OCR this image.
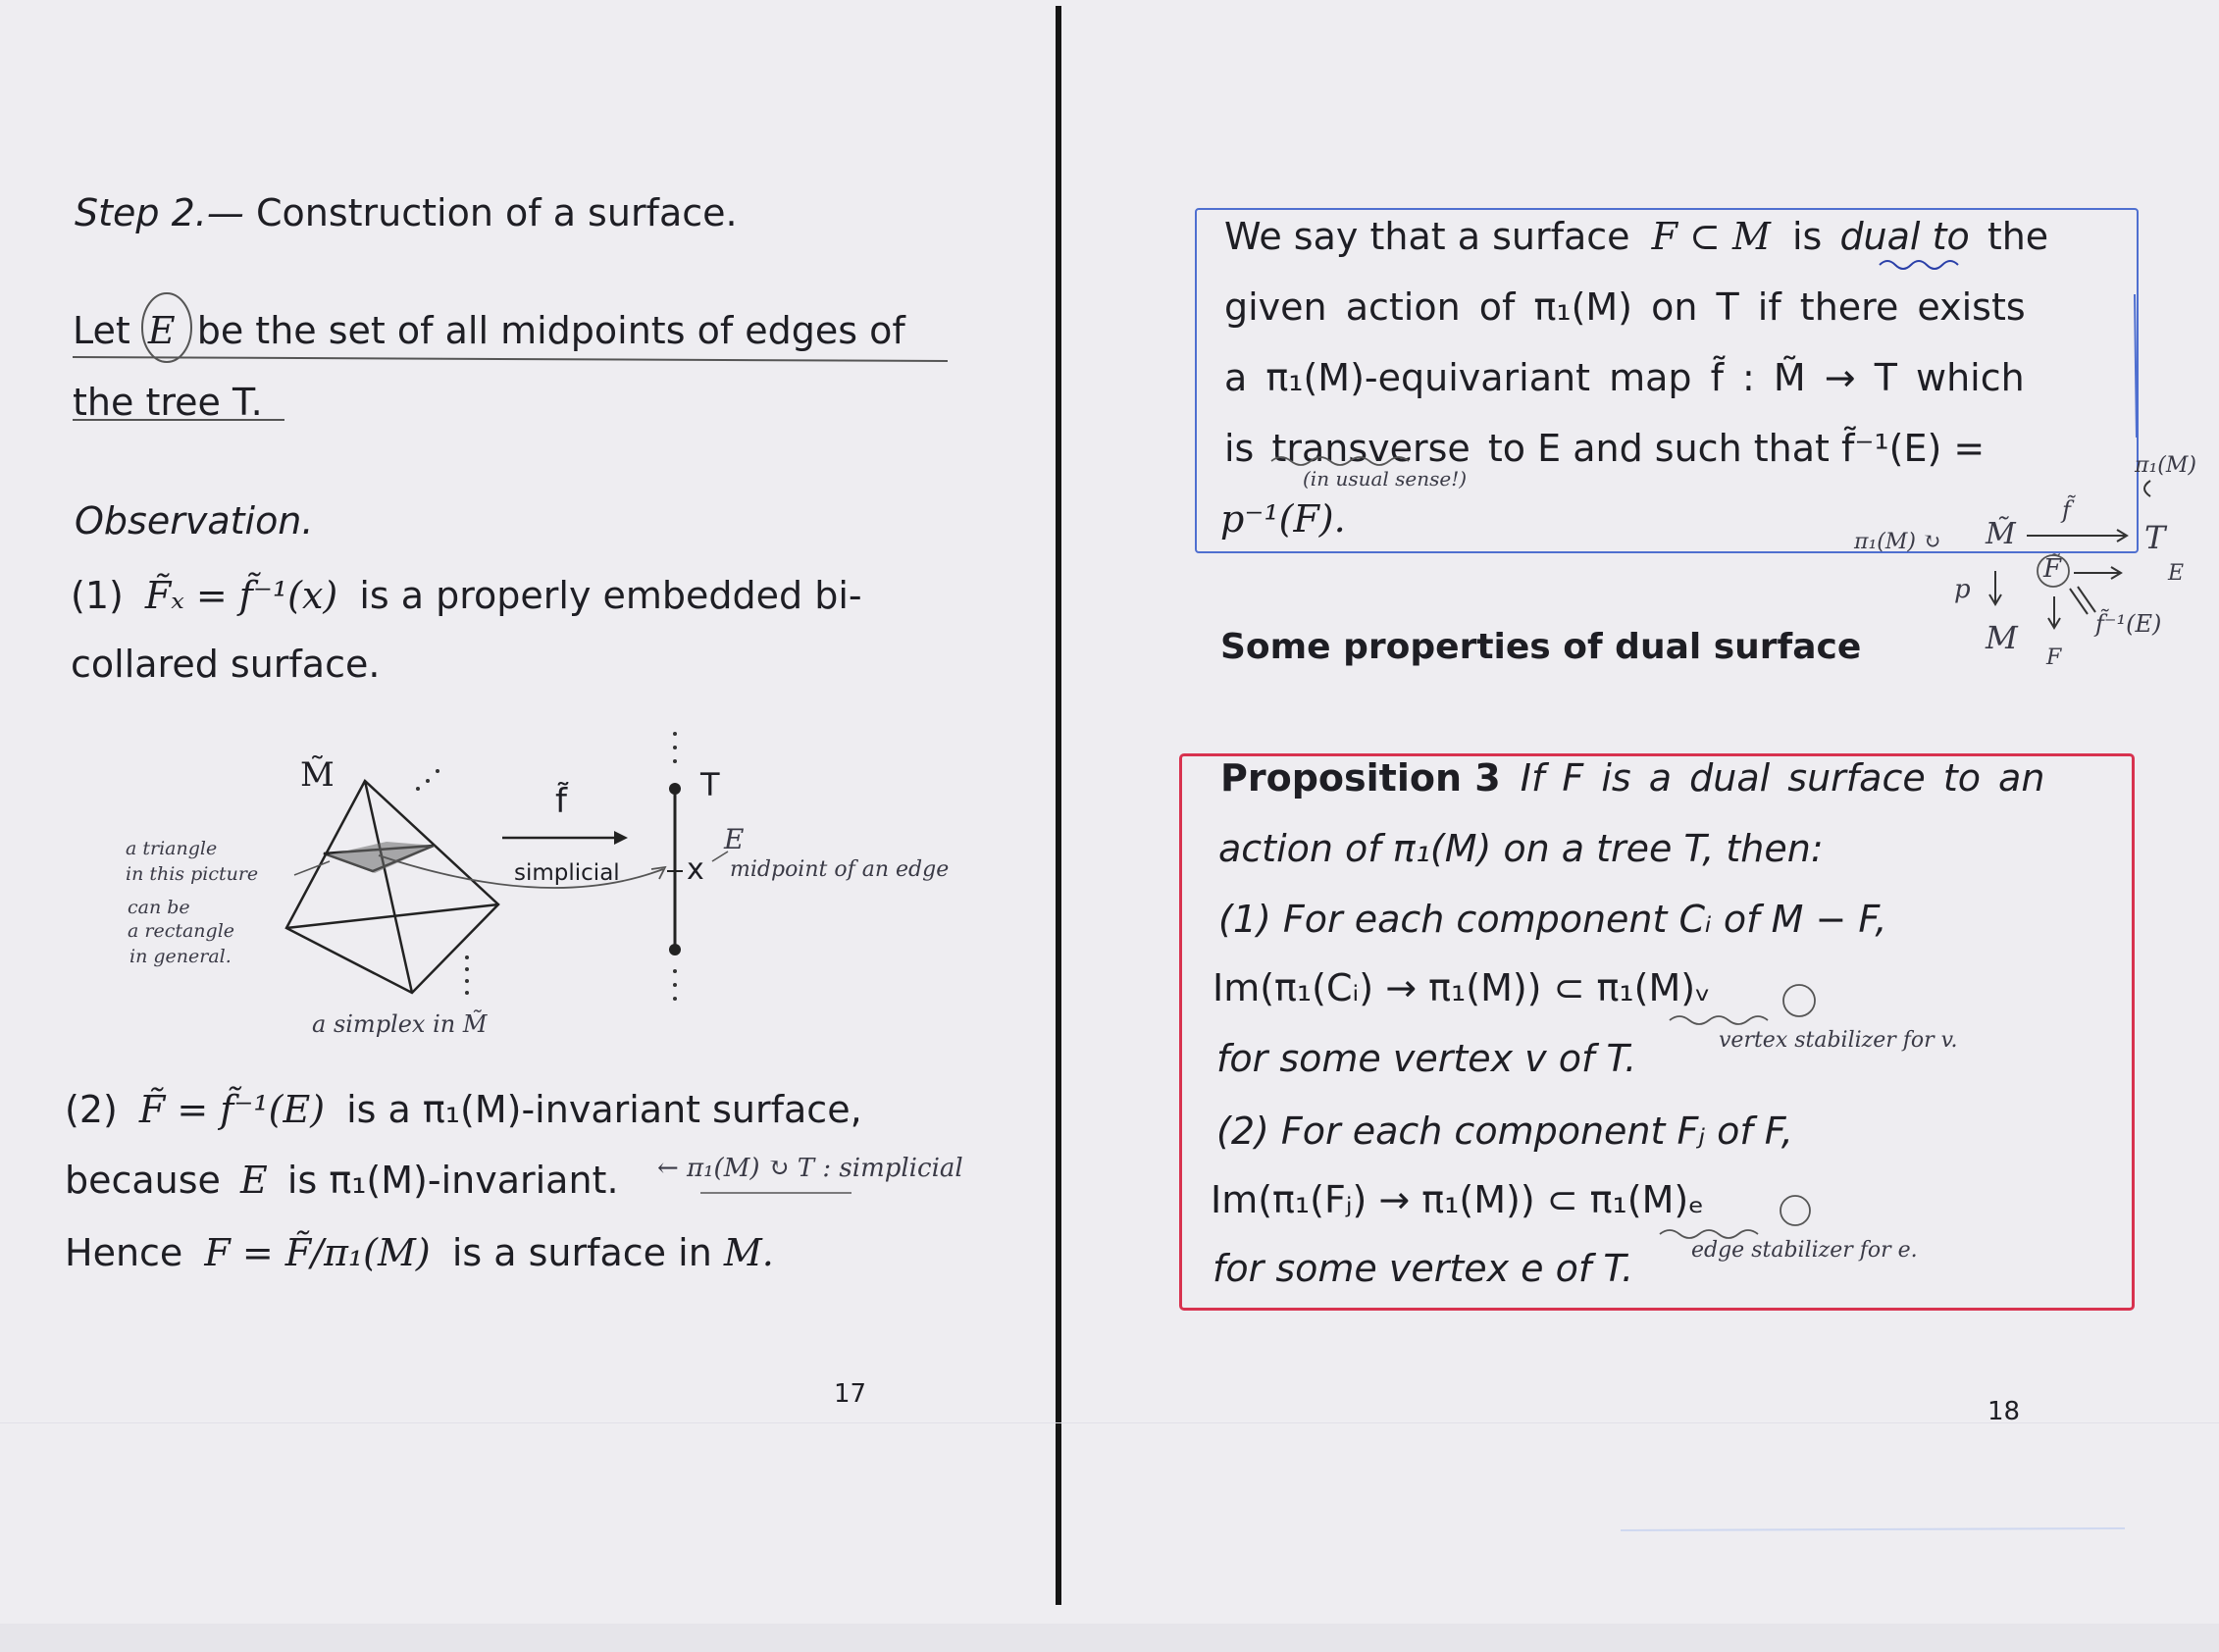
Step 2.— Construction of a surface.
Let E be the set of all midpoints of edges of
the tree T.
Observation.
(1) F̃ₓ = f̃⁻¹(x) is a properly embedded bi-
collared surface.
M̃
f̃
simplicial x
T
E
midpoint of an edge
a triangle
in this picture
can be
a rectangle
in general.
a simplex in M̃
(2) F̃ = f̃⁻¹(E) is a π₁(M)-invariant surface,
because E is π₁(M)-invariant. ← π₁(M) ↻ T : simplicial
Hence F = F̃/π₁(M) is a surface in M.
17
We say that a surface F ⊂ M is dual to the
given action of π₁(M) on T if there exists
a π₁(M)-equivariant map f̃ : M̃ → T which
is transverse to E and such that f̃⁻¹(E) =
(in usual sense!)
p⁻¹(F).
Some properties of dual surface
π₁(M)
π₁(M) ↻ M̃
f̃
T
E
F̃
p
M
F
f̃⁻¹(E)
Proposition 3 If F is a dual surface to an
action of π₁(M) on a tree T, then:
(1) For each component Cᵢ of M − F,
Im(π₁(Cᵢ) → π₁(M)) ⊂ π₁(M)ᵥ
for some vertex v of T.	vertex stabilizer for v.
(2) For each component Fⱼ of F,
Im(π₁(Fⱼ) → π₁(M)) ⊂ π₁(M)ₑ
for some vertex e of T.	edge stabilizer for e.
18
